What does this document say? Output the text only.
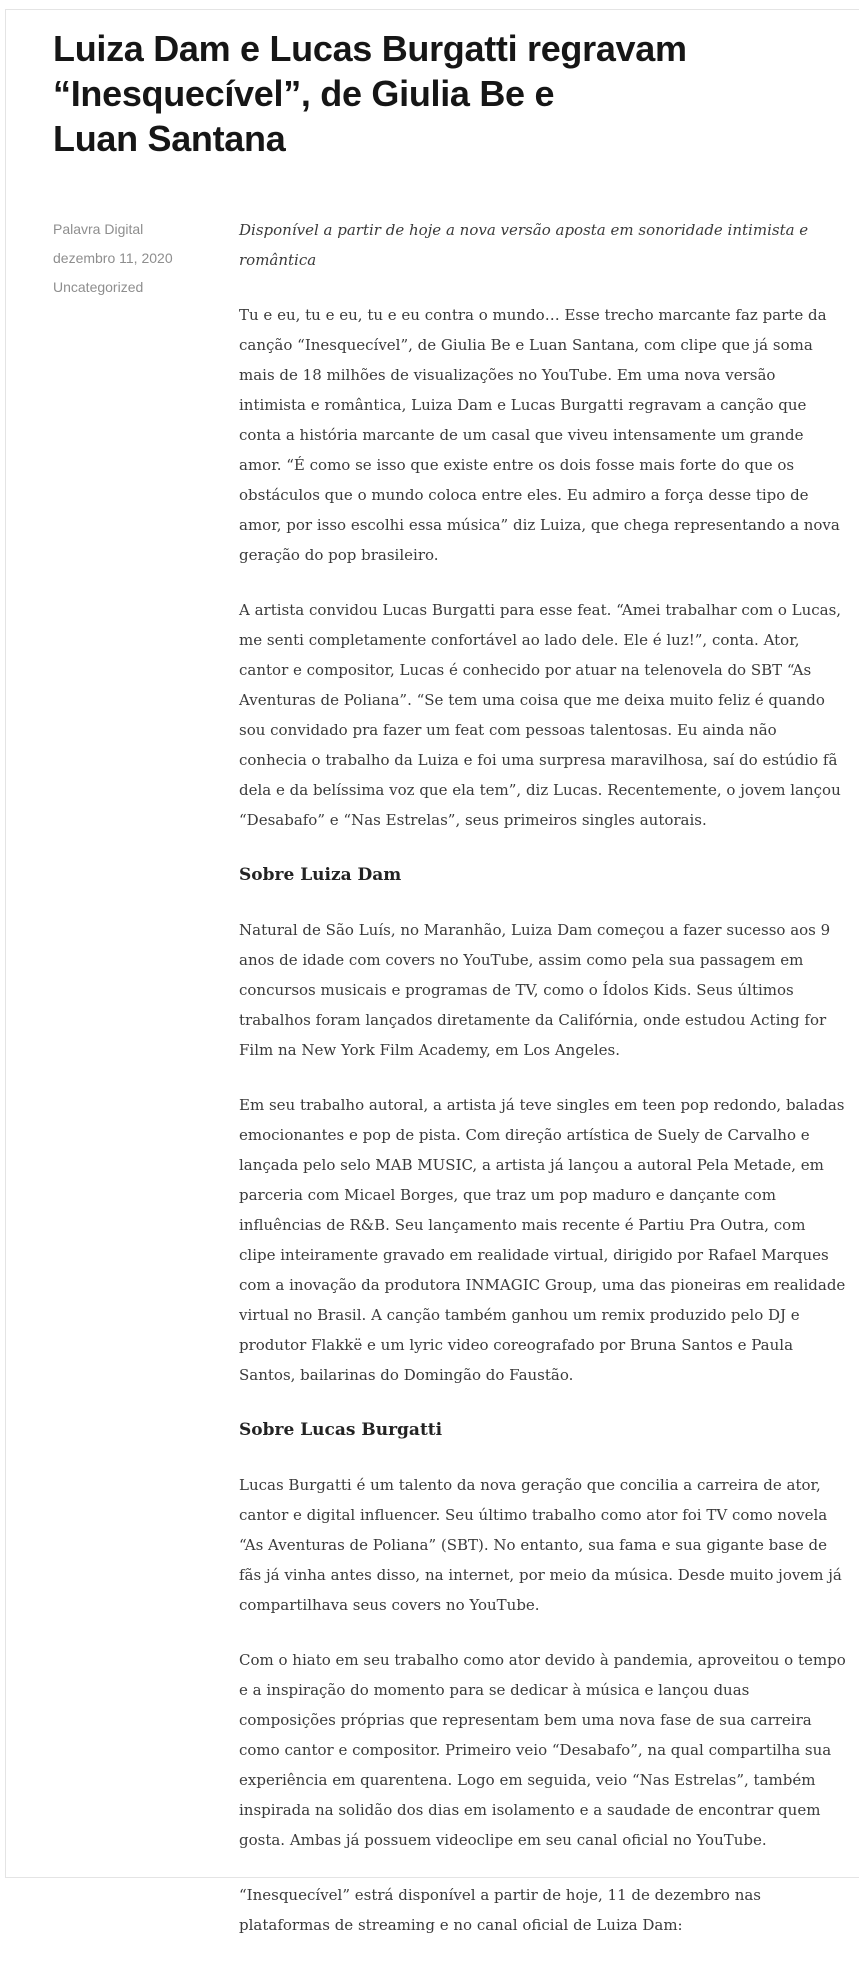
Luiza Dam e Lucas Burgatti regravam
“Inesquecível”, de Giulia Be e
Luan Santana
Palavra Digital
dezembro 11, 2020
Uncategorized

Disponível a partir de hoje a nova versão aposta em sonoridade intimista e romântica

Tu e eu, tu e eu, tu e eu contra o mundo… Esse trecho marcante faz parte da canção “Inesquecível”, de Giulia Be e Luan Santana, com clipe que já soma mais de 18 milhões de visualizações no YouTube. Em uma nova versão intimista e romântica, Luiza Dam e Lucas Burgatti regravam a canção que conta a história marcante de um casal que viveu intensamente um grande amor. “É como se isso que existe entre os dois fosse mais forte do que os obstáculos que o mundo coloca entre eles. Eu admiro a força desse tipo de amor, por isso escolhi essa música” diz Luiza, que chega representando a nova geração do pop brasileiro.

A artista convidou Lucas Burgatti para esse feat. “Amei trabalhar com o Lucas, me senti completamente confortável ao lado dele. Ele é luz!”, conta. Ator, cantor e compositor, Lucas é conhecido por atuar na telenovela do SBT “As Aventuras de Poliana”. “Se tem uma coisa que me deixa muito feliz é quando sou convidado pra fazer um feat com pessoas talentosas. Eu ainda não conhecia o trabalho da Luiza e foi uma surpresa maravilhosa, saí do estúdio fã dela e da belíssima voz que ela tem”, diz Lucas. Recentemente, o jovem lançou “Desabafo” e “Nas Estrelas”, seus primeiros singles autorais.

Sobre Luiza Dam

Natural de São Luís, no Maranhão, Luiza Dam começou a fazer sucesso aos 9 anos de idade com covers no YouTube, assim como pela sua passagem em concursos musicais e programas de TV, como o Ídolos Kids. Seus últimos trabalhos foram lançados diretamente da Califórnia, onde estudou Acting for Film na New York Film Academy, em Los Angeles.

Em seu trabalho autoral, a artista já teve singles em teen pop redondo, baladas emocionantes e pop de pista. Com direção artística de Suely de Carvalho e lançada pelo selo MAB MUSIC, a artista já lançou a autoral Pela Metade, em parceria com Micael Borges, que traz um pop maduro e dançante com influências de R&B. Seu lançamento mais recente é Partiu Pra Outra, com clipe inteiramente gravado em realidade virtual, dirigido por Rafael Marques com a inovação da produtora INMAGIC Group, uma das pioneiras em realidade virtual no Brasil. A canção também ganhou um remix produzido pelo DJ e produtor Flakkë e um lyric video coreografado por Bruna Santos e Paula Santos, bailarinas do Domingão do Faustão.

Sobre Lucas Burgatti

Lucas Burgatti é um talento da nova geração que concilia a carreira de ator, cantor e digital influencer. Seu último trabalho como ator foi TV como novela “As Aventuras de Poliana” (SBT). No entanto, sua fama e sua gigante base de fãs já vinha antes disso, na internet, por meio da música. Desde muito jovem já compartilhava seus covers no YouTube.

Com o hiato em seu trabalho como ator devido à pandemia, aproveitou o tempo e a inspiração do momento para se dedicar à música e lançou duas composições próprias que representam bem uma nova fase de sua carreira como cantor e compositor. Primeiro veio “Desabafo”, na qual compartilha sua experiência em quarentena. Logo em seguida, veio “Nas Estrelas”, também inspirada na solidão dos dias em isolamento e a saudade de encontrar quem gosta. Ambas já possuem videoclipe em seu canal oficial no YouTube.

“Inesquecível” estrá disponível a partir de hoje, 11 de dezembro nas plataformas de streaming e no canal oficial de Luiza Dam:
